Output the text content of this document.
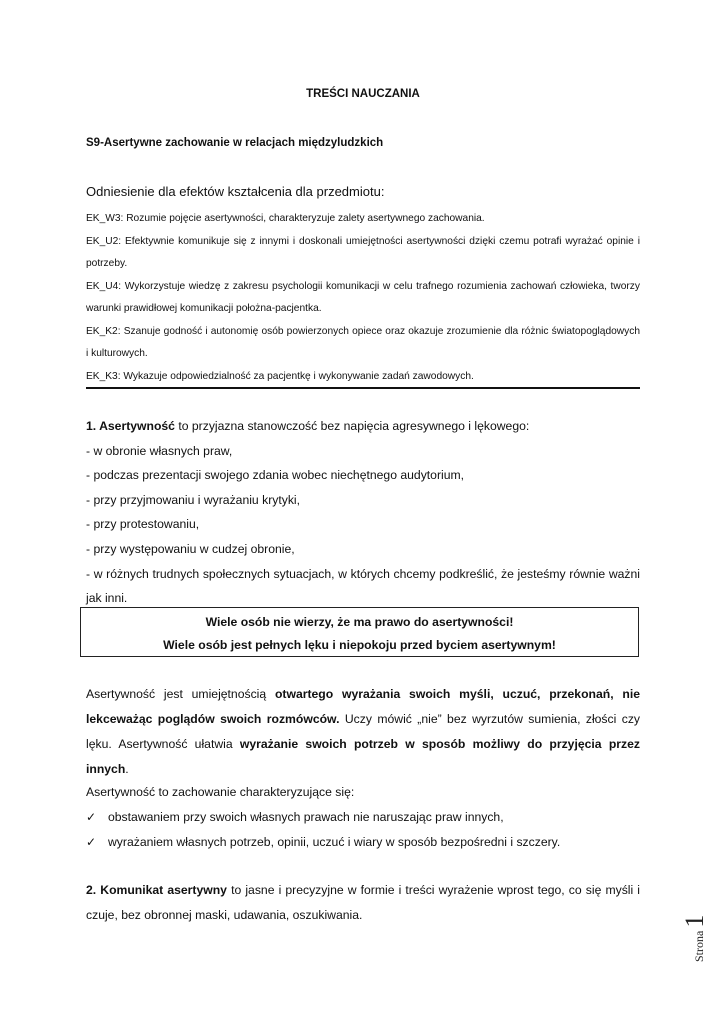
TREŚCI NAUCZANIA
S9-Asertywne zachowanie w relacjach międzyludzkich
Odniesienie dla efektów kształcenia dla przedmiotu:

EK_W3: Rozumie pojęcie asertywności, charakteryzuje zalety asertywnego zachowania.

EK_U2: Efektywnie komunikuje się z innymi i doskonali umiejętności asertywności dzięki czemu potrafi wyrażać opinie i potrzeby.

EK_U4: Wykorzystuje wiedzę z zakresu psychologii komunikacji w celu trafnego rozumienia zachowań człowieka, tworzy warunki prawidłowej komunikacji położna-pacjentka.

EK_K2: Szanuje godność i autonomię osób powierzonych opiece oraz okazuje zrozumienie dla różnic światopoglądowych i kulturowych.

EK_K3: Wykazuje odpowiedzialność za pacjentkę i wykonywanie zadań zawodowych.

1. Asertywność to przyjazna stanowczość bez napięcia agresywnego i lękowego:

- w obronie własnych praw,

- podczas prezentacji swojego zdania wobec niechętnego audytorium,

- przy przyjmowaniu i wyrażaniu krytyki,

- przy protestowaniu,

- przy występowaniu w cudzej obronie,

- w różnych trudnych społecznych sytuacjach, w których chcemy podkreślić, że jesteśmy równie ważni jak inni.

Wiele osób nie wierzy, że ma prawo do asertywności!

Wiele osób jest pełnych lęku i niepokoju przed byciem asertywnym!

Asertywność jest umiejętnością otwartego wyrażania swoich myśli, uczuć, przekonań, nie lekceważąc poglądów swoich rozmówców. Uczy mówić „nie” bez wyrzutów sumienia, złości czy lęku. Asertywność ułatwia wyrażanie swoich potrzeb w sposób możliwy do przyjęcia przez innych.

Asertywność to zachowanie charakteryzujące się:

✓ obstawaniem przy swoich własnych prawach nie naruszając praw innych,

✓ wyrażaniem własnych potrzeb, opinii, uczuć i wiary w sposób bezpośredni i szczery.

2. Komunikat asertywny to jasne i precyzyjne w formie i treści wyrażenie wprost tego, co się myśli i czuje, bez obronnej maski, udawania, oszukiwania.

Strona1
